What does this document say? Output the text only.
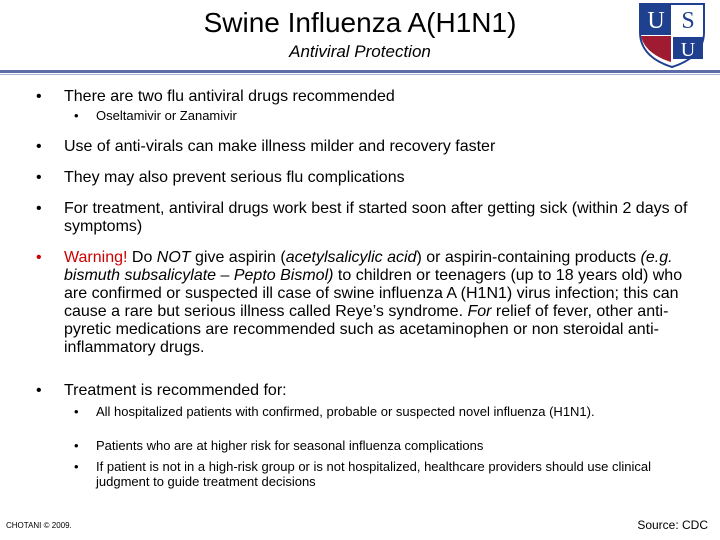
Swine Influenza A(H1N1)
Antiviral Protection
U S
U
• There are two flu antiviral drugs recommended
• Oseltamivir or Zanamivir
• Use of anti-virals can make illness milder and recovery faster
• They may also prevent serious flu complications
• For treatment, antiviral drugs work best if started soon after getting sick (within 2 days of symptoms)
• Warning! Do NOT give aspirin (acetylsalicylic acid) or aspirin-containing products (e.g. bismuth subsalicylate – Pepto Bismol) to children or teenagers (up to 18 years old) who are confirmed or suspected ill case of swine influenza A (H1N1) virus infection; this can cause a rare but serious illness called Reye’s syndrome. For relief of fever, other anti-pyretic medications are recommended such as acetaminophen or non steroidal anti-inflammatory drugs.
• Treatment is recommended for:
• All hospitalized patients with confirmed, probable or suspected novel influenza (H1N1).
• Patients who are at higher risk for seasonal influenza complications
• If patient is not in a high-risk group or is not hospitalized, healthcare providers should use clinical judgment to guide treatment decisions
CHOTANI © 2009.	Source: CDC
